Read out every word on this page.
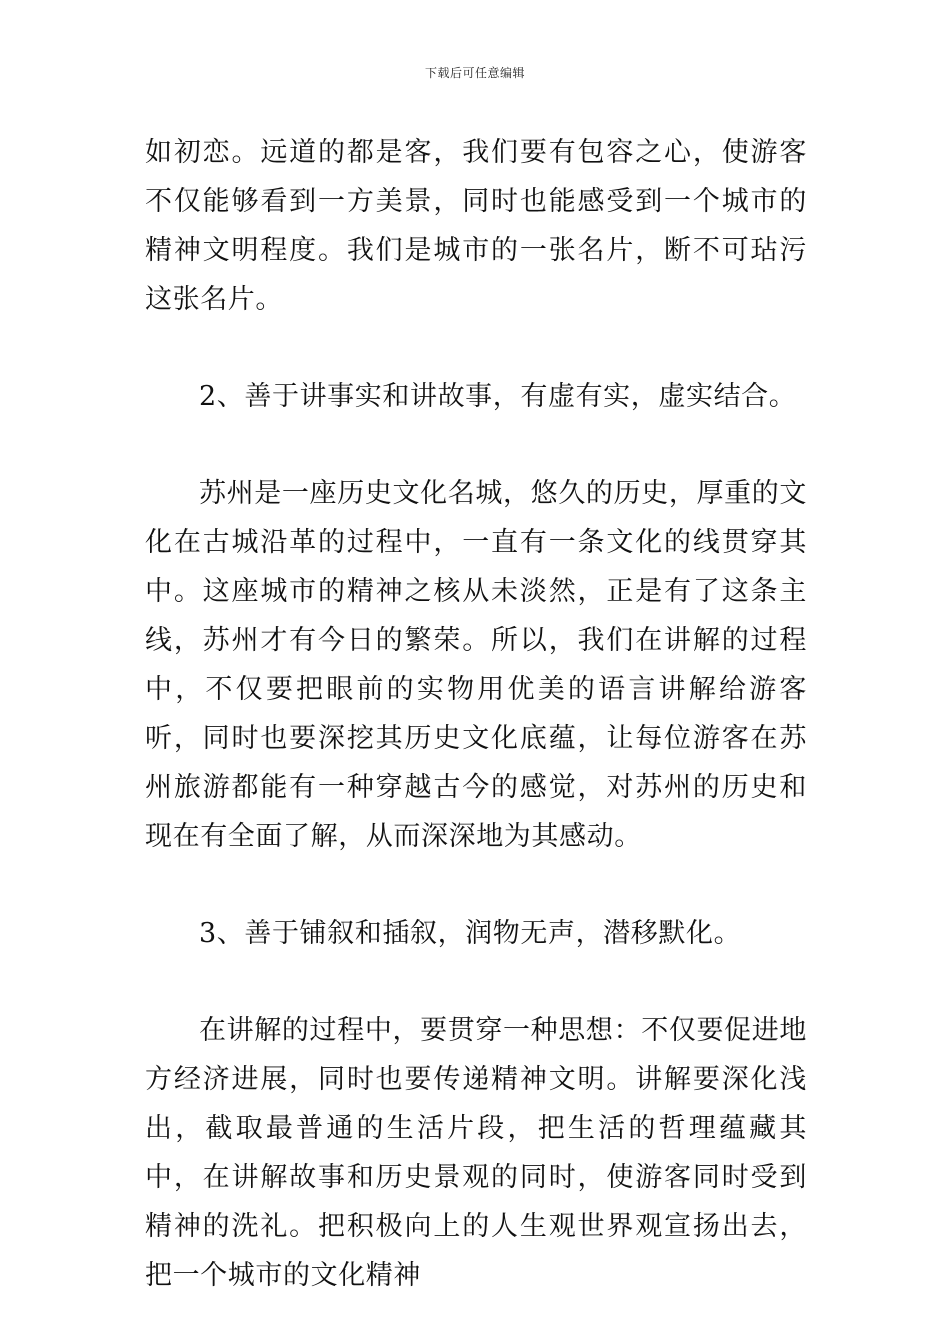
下载后可任意编辑

如初恋。远道的都是客，我们要有包容之心，使游客不仅能够看到一方美景，同时也能感受到一个城市的精神文明程度。我们是城市的一张名片，断不可玷污这张名片。

2、善于讲事实和讲故事，有虚有实，虚实结合。

苏州是一座历史文化名城，悠久的历史，厚重的文化在古城沿革的过程中，一直有一条文化的线贯穿其中。这座城市的精神之核从未淡然，正是有了这条主线，苏州才有今日的繁荣。所以，我们在讲解的过程中，不仅要把眼前的实物用优美的语言讲解给游客听，同时也要深挖其历史文化底蕴，让每位游客在苏州旅游都能有一种穿越古今的感觉，对苏州的历史和现在有全面了解，从而深深地为其感动。

3、善于铺叙和插叙，润物无声，潜移默化。

在讲解的过程中，要贯穿一种思想：不仅要促进地方经济进展，同时也要传递精神文明。讲解要深化浅出，截取最普通的生活片段，把生活的哲理蕴藏其中，在讲解故事和历史景观的同时，使游客同时受到精神的洗礼。把积极向上的人生观世界观宣扬出去，把一个城市的文化精神
